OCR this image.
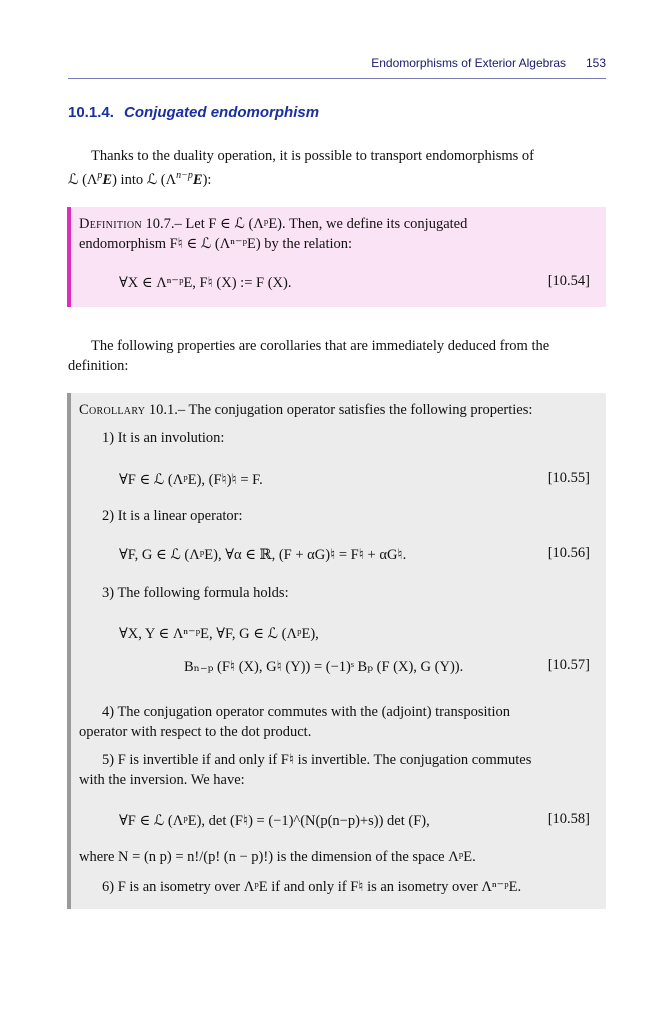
Endomorphisms of Exterior Algebras 153
10.1.4. Conjugated endomorphism
Thanks to the duality operation, it is possible to transport endomorphisms of
ℒ $(\Lambda^pE)$ into ℒ $(\Lambda^{n-p}E)$:
Definition 10.7.– Let F ∈ ℒ (ΛᵖE). Then, we define its conjugated
endomorphism F♮ ∈ ℒ (Λⁿ⁻ᵖE) by the relation:
∀X ∈ Λⁿ⁻ᵖE, F♮ (X) := F (X).	[10.54]
The following properties are corollaries that are immediately deduced from the
definition:
Corollary 10.1.– The conjugation operator satisfies the following properties:
1) It is an involution:
∀F ∈ ℒ (ΛᵖE), (F♮)♮ = F.	[10.55]
2) It is a linear operator:
∀F, G ∈ ℒ (ΛᵖE), ∀α ∈ ℝ, (F + αG)♮ = F♮ + αG♮.	[10.56]
3) The following formula holds:
∀X, Y ∈ Λⁿ⁻ᵖE, ∀F, G ∈ ℒ (ΛᵖE),
Bₙ₋ₚ (F♮ (X), G♮ (Y)) = (−1)ˢ Bₚ (F (X), G (Y)).	[10.57]
4) The conjugation operator commutes with the (adjoint) transposition
operator with respect to the dot product.
5) F is invertible if and only if F♮ is invertible. The conjugation commutes
with the inversion. We have:
∀F ∈ ℒ (ΛᵖE), det (F♮) = (−1)^(N(p(n−p)+s)) det (F),	[10.58]
where N = (n p) = n!/(p! (n − p)!) is the dimension of the space ΛᵖE.
6) F is an isometry over ΛᵖE if and only if F♮ is an isometry over Λⁿ⁻ᵖE.
